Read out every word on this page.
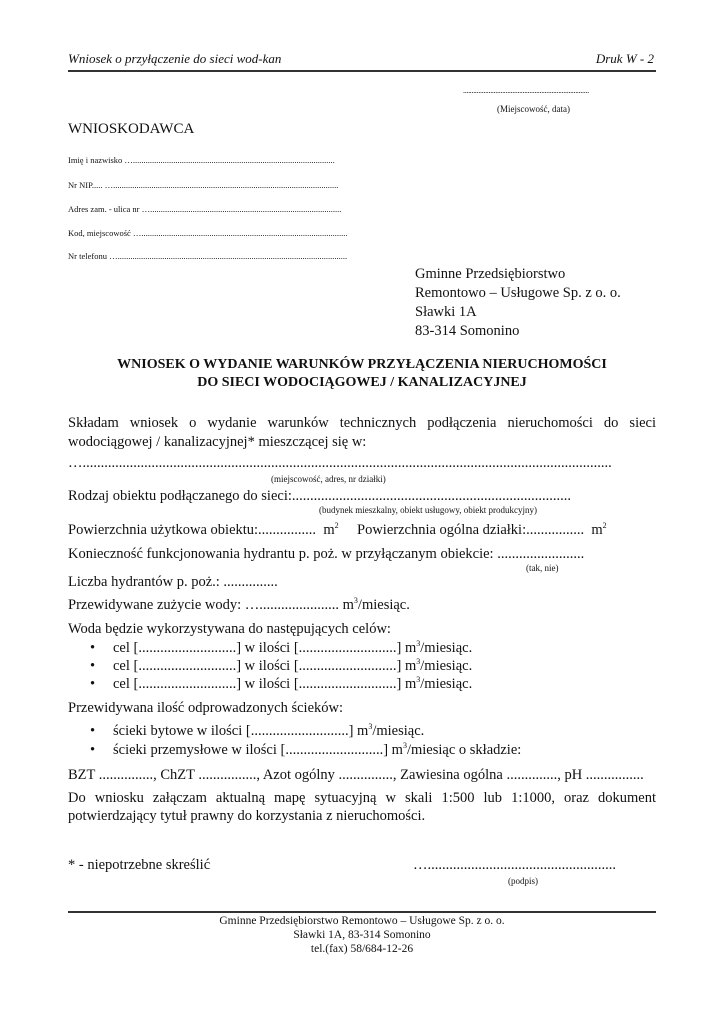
Wniosek o przyłączenie do sieci wod-kan	Druk W - 2
..........................................................................
(Miejscowość, data)
WNIOSKODAWCA
Imię i nazwisko …...............................................................................................
Nr NIP..... …..........................................................................................................
Adres zam. - ulica nr …..........................................................................................
Kod, miejscowość ….................................................................................................
Nr telefonu …............................................................................................................
Gminne Przedsiębiorstwo
Remontowo – Usługowe Sp. z o. o.
Sławki 1A
83-314 Somonino
WNIOSEK O WYDANIE WARUNKÓW PRZYŁĄCZENIA NIERUCHOMOŚCI
DO SIECI WODOCIĄGOWEJ / KANALIZACYJNEJ
Składam wniosek o wydanie warunków technicznych podłączenia nieruchomości do sieci
wodociągowej / kanalizacyjnej* mieszczącej się w:
…..................................................................................................................................................
(miejscowość, adres, nr działki)
Rodzaj obiektu podłączanego do sieci:.............................................................................
(budynek mieszkalny, obiekt usługowy, obiekt produkcyjny)
Powierzchnia użytkowa obiektu:................ $m^2$ Powierzchnia ogólna działki:................ $m^2$
Konieczność funkcjonowania hydrantu p. poż. w przyłączanym obiekcie: ........................
(tak, nie)
Liczba hydrantów p. poż.: ...............
Przewidywane zużycie wody: …...................... $m^3$/miesiąc.
Woda będzie wykorzystywana do następujących celów:
• cel [...........................] w ilości [...........................] $m^3$/miesiąc.
• cel [...........................] w ilości [...........................] $m^3$/miesiąc.
• cel [...........................] w ilości [...........................] $m^3$/miesiąc.
Przewidywana ilość odprowadzonych ścieków:
• ścieki bytowe w ilości [...........................] $m^3$/miesiąc.
• ścieki przemysłowe w ilości [...........................] $m^3$/miesiąc o składzie:
BZT ..............., ChZT ................, Azot ogólny ..............., Zawiesina ogólna .............., pH ................
Do wniosku załączam aktualną mapę sytuacyjną w skali 1:500 lub 1:1000, oraz dokument
potwierdzający tytuł prawny do korzystania z nieruchomości.
* - niepotrzebne skreślić	…....................................................
(podpis)
Gminne Przedsiębiorstwo Remontowo – Usługowe Sp. z o. o.
Sławki 1A, 83-314 Somonino
tel.(fax) 58/684-12-26
